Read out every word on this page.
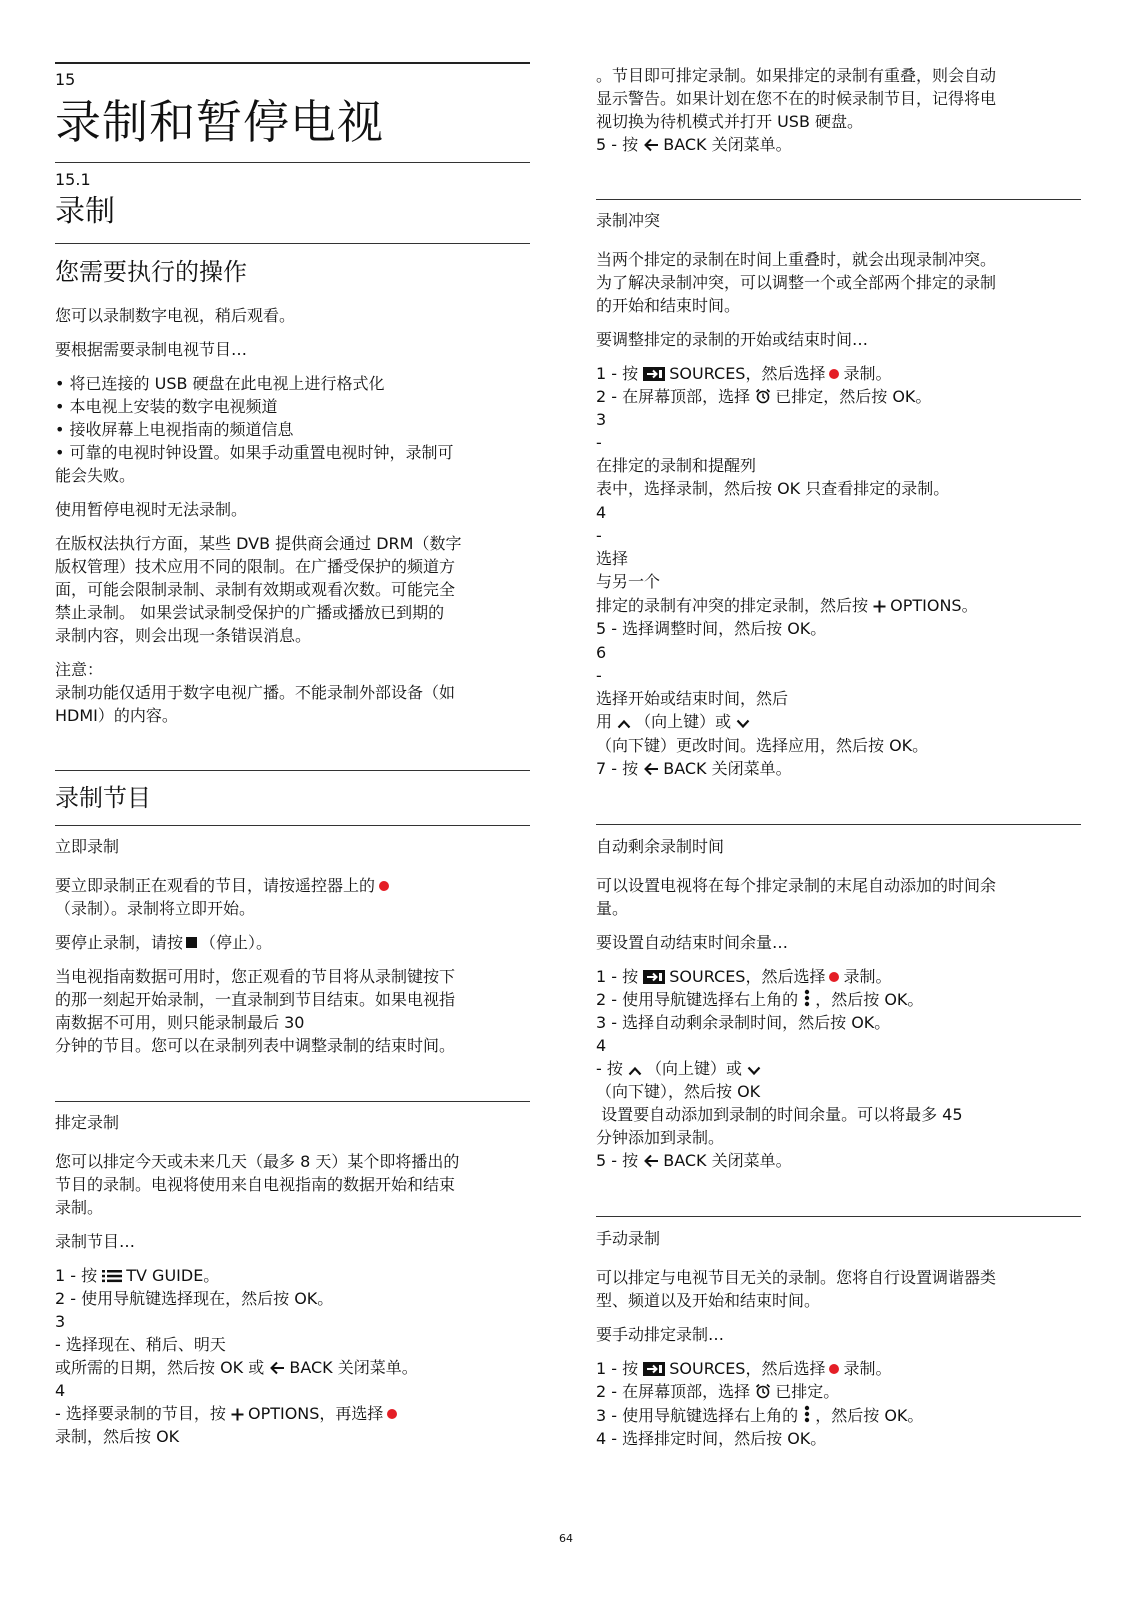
15
录制和暂停电视
15.1
录制
您需要执行的操作
您可以录制数字电视，稍后观看。
要根据需要录制电视节目…
• 将已连接的 USB 硬盘在此电视上进行格式化
• 本电视上安装的数字电视频道
• 接收屏幕上电视指南的频道信息
• 可靠的电视时钟设置。如果手动重置电视时钟，录制可
能会失败。
使用暂停电视时无法录制。
在版权法执行方面，某些 DVB 提供商会通过 DRM（数字
版权管理）技术应用不同的限制。在广播受保护的频道方
面，可能会限制录制、录制有效期或观看次数。可能完全
禁止录制。 如果尝试录制受保护的广播或播放已到期的
录制内容，则会出现一条错误消息。
注意：
录制功能仅适用于数字电视广播。不能录制外部设备（如
HDMI）的内容。
录制节目
立即录制
要立即录制正在观看的节目，请按遥控器上的
（录制）。录制将立即开始。
要停止录制，请按 （停止）。
当电视指南数据可用时，您正观看的节目将从录制键按下
的那一刻起开始录制，一直录制到节目结束。如果电视指
南数据不可用，则只能录制最后 30
分钟的节目。您可以在录制列表中调整录制的结束时间。
排定录制
您可以排定今天或未来几天（最多 8 天）某个即将播出的
节目的录制。电视将使用来自电视指南的数据开始和结束
录制。
录制节目…
1 - 按 TV GUIDE。
2 - 使用导航键选择现在，然后按 OK。
3
- 选择现在、稍后、明天
或所需的日期，然后按 OK 或 BACK 关闭菜单。
4
- 选择要录制的节目，按 OPTIONS，再选择
录制，然后按 OK
。节目即可排定录制。如果排定的录制有重叠，则会自动
显示警告。如果计划在您不在的时候录制节目，记得将电
视切换为待机模式并打开 USB 硬盘。
5 - 按 BACK 关闭菜单。
录制冲突
当两个排定的录制在时间上重叠时，就会出现录制冲突。
为了解决录制冲突，可以调整一个或全部两个排定的录制
的开始和结束时间。
要调整排定的录制的开始或结束时间…
1 - 按 SOURCES，然后选择 录制。
2 - 在屏幕顶部，选择 已排定，然后按 OK。
3
-
在排定的录制和提醒列
表中，选择录制，然后按 OK 只查看排定的录制。
4
-
选择
与另一个
排定的录制有冲突的排定录制，然后按 OPTIONS。
5 - 选择调整时间，然后按 OK。
6
-
选择开始或结束时间，然后
用 （向上键）或
（向下键）更改时间。选择应用，然后按 OK。
7 - 按 BACK 关闭菜单。
自动剩余录制时间
可以设置电视将在每个排定录制的末尾自动添加的时间余
量。
要设置自动结束时间余量…
1 - 按 SOURCES，然后选择 录制。
2 - 使用导航键选择右上角的 ，然后按 OK。
3 - 选择自动剩余录制时间，然后按 OK。
4
- 按 （向上键）或
（向下键），然后按 OK
设置要自动添加到录制的时间余量。可以将最多 45
分钟添加到录制。
5 - 按 BACK 关闭菜单。
手动录制
可以排定与电视节目无关的录制。您将自行设置调谐器类
型、频道以及开始和结束时间。
要手动排定录制…
1 - 按 SOURCES，然后选择 录制。
2 - 在屏幕顶部，选择 已排定。
3 - 使用导航键选择右上角的 ，然后按 OK。
4 - 选择排定时间，然后按 OK。
64
